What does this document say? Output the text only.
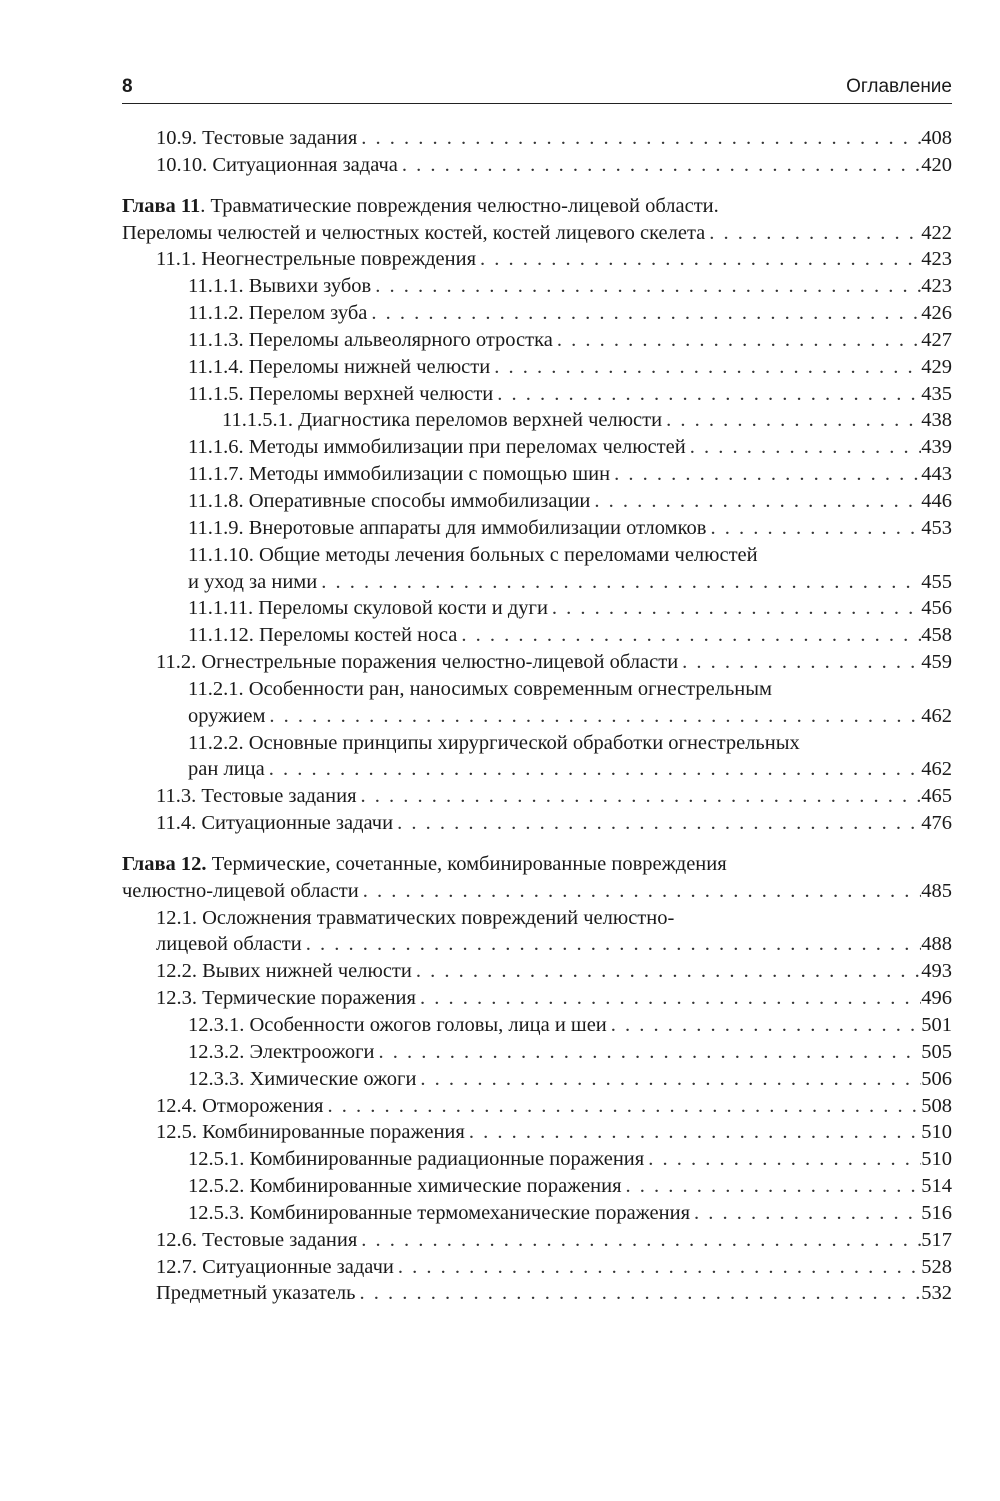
8	Оглавление
10.9. Тестовые задания . . .	408
10.10. Ситуационная задача . . .	420
Глава 11 . Травматические повреждения челюстно-лицевой области.
Переломы челюстей и челюстных костей, костей лицевого скелета . . .	422
11.1. Неогнестрельные повреждения . . .	423
11.1.1. Вывихи зубов . . .	423
11.1.2. Перелом зуба . . .	426
11.1.3. Переломы альвеолярного отростка . . .	427
11.1.4. Переломы нижней челюсти . . .	429
11.1.5. Переломы верхней челюсти . . .	435
11.1.5.1. Диагностика переломов верхней челюсти . . .	438
11.1.6. Методы иммобилизации при переломах челюстей . . .	439
11.1.7. Методы иммобилизации с помощью шин . . .	443
11.1.8. Оперативные способы иммобилизации . . .	446
11.1.9. Внеротовые аппараты для иммобилизации отломков . . .	453
11.1.10. Общие методы лечения больных с переломами челюстей
и уход за ними . . .	455
11.1.11. Переломы скуловой кости и дуги . . .	456
11.1.12. Переломы костей носа . . .	458
11.2. Огнестрельные поражения челюстно-лицевой области . . .	459
11.2.1. Особенности ран, наносимых современным огнестрельным
оружием . . .	462
11.2.2. Основные принципы хирургической обработки огнестрельных
ран лица . . .	462
11.3. Тестовые задания . . .	465
11.4. Ситуационные задачи . . .	476
Глава 12. Термические, сочетанные, комбинированные повреждения
челюстно-лицевой области . . .	485
12.1. Осложнения травматических повреждений челюстно-
лицевой области . . .	488
12.2. Вывих нижней челюсти . . .	493
12.3. Термические поражения . . .	496
12.3.1. Особенности ожогов головы, лица и шеи . . .	501
12.3.2. Электроожоги . . .	505
12.3.3. Химические ожоги . . .	506
12.4. Отморожения . . .	508
12.5. Комбинированные поражения . . .	510
12.5.1. Комбинированные радиационные поражения . . .	510
12.5.2. Комбинированные химические поражения . . .	514
12.5.3. Комбинированные термомеханические поражения . . .	516
12.6. Тестовые задания . . .	517
12.7. Ситуационные задачи . . .	528
Предметный указатель . . .	532
